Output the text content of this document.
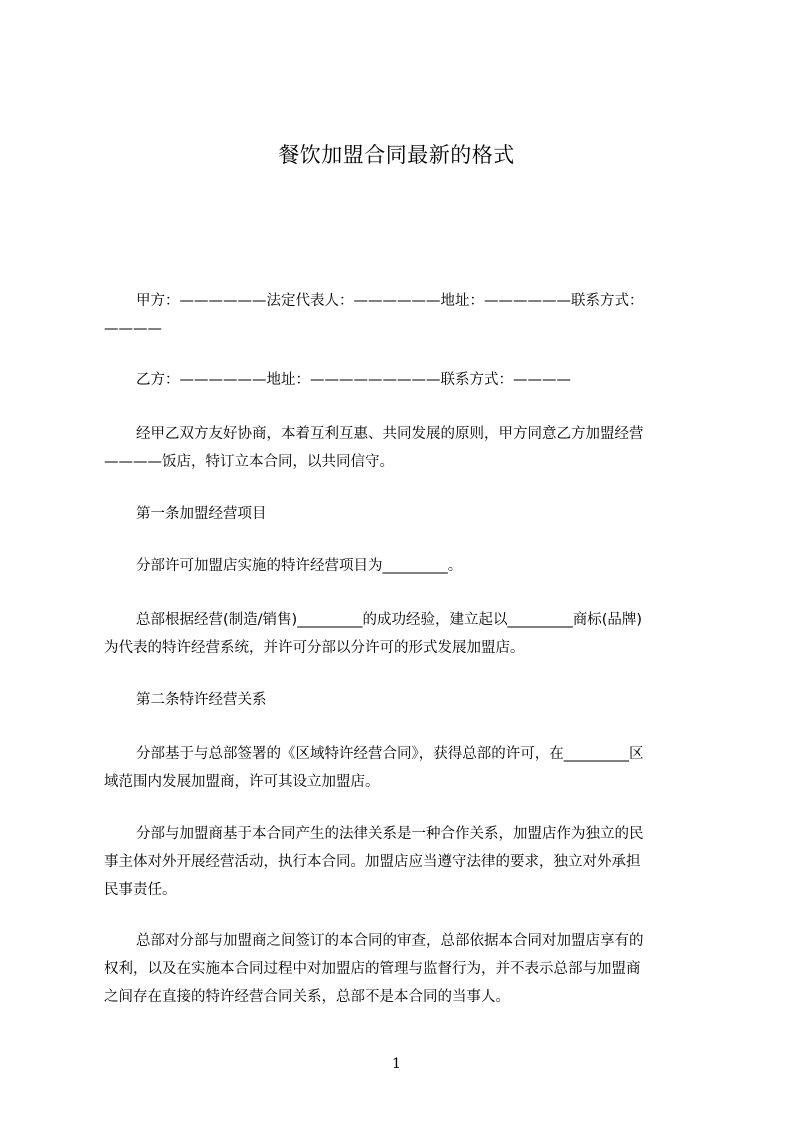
餐饮加盟合同最新的格式
甲方：——————法定代表人：——————地址：——————联系方式：
————
乙方：——————地址：—————————联系方式：————
经甲乙双方友好协商，本着互利互惠、共同发展的原则，甲方同意乙方加盟经营
————饭店，特订立本合同，以共同信守。
第一条加盟经营项目
分部许可加盟店实施的特许经营项目为_________。
总部根据经营(制造/销售)_________的成功经验，建立起以_________商标(品牌)
为代表的特许经营系统，并许可分部以分许可的形式发展加盟店。
第二条特许经营关系
分部基于与总部签署的《区域特许经营合同》，获得总部的许可，在_________区
域范围内发展加盟商，许可其设立加盟店。
分部与加盟商基于本合同产生的法律关系是一种合作关系，加盟店作为独立的民
事主体对外开展经营活动，执行本合同。加盟店应当遵守法律的要求，独立对外承担
民事责任。
总部对分部与加盟商之间签订的本合同的审查，总部依据本合同对加盟店享有的
权利，以及在实施本合同过程中对加盟店的管理与监督行为，并不表示总部与加盟商
之间存在直接的特许经营合同关系，总部不是本合同的当事人。
1
